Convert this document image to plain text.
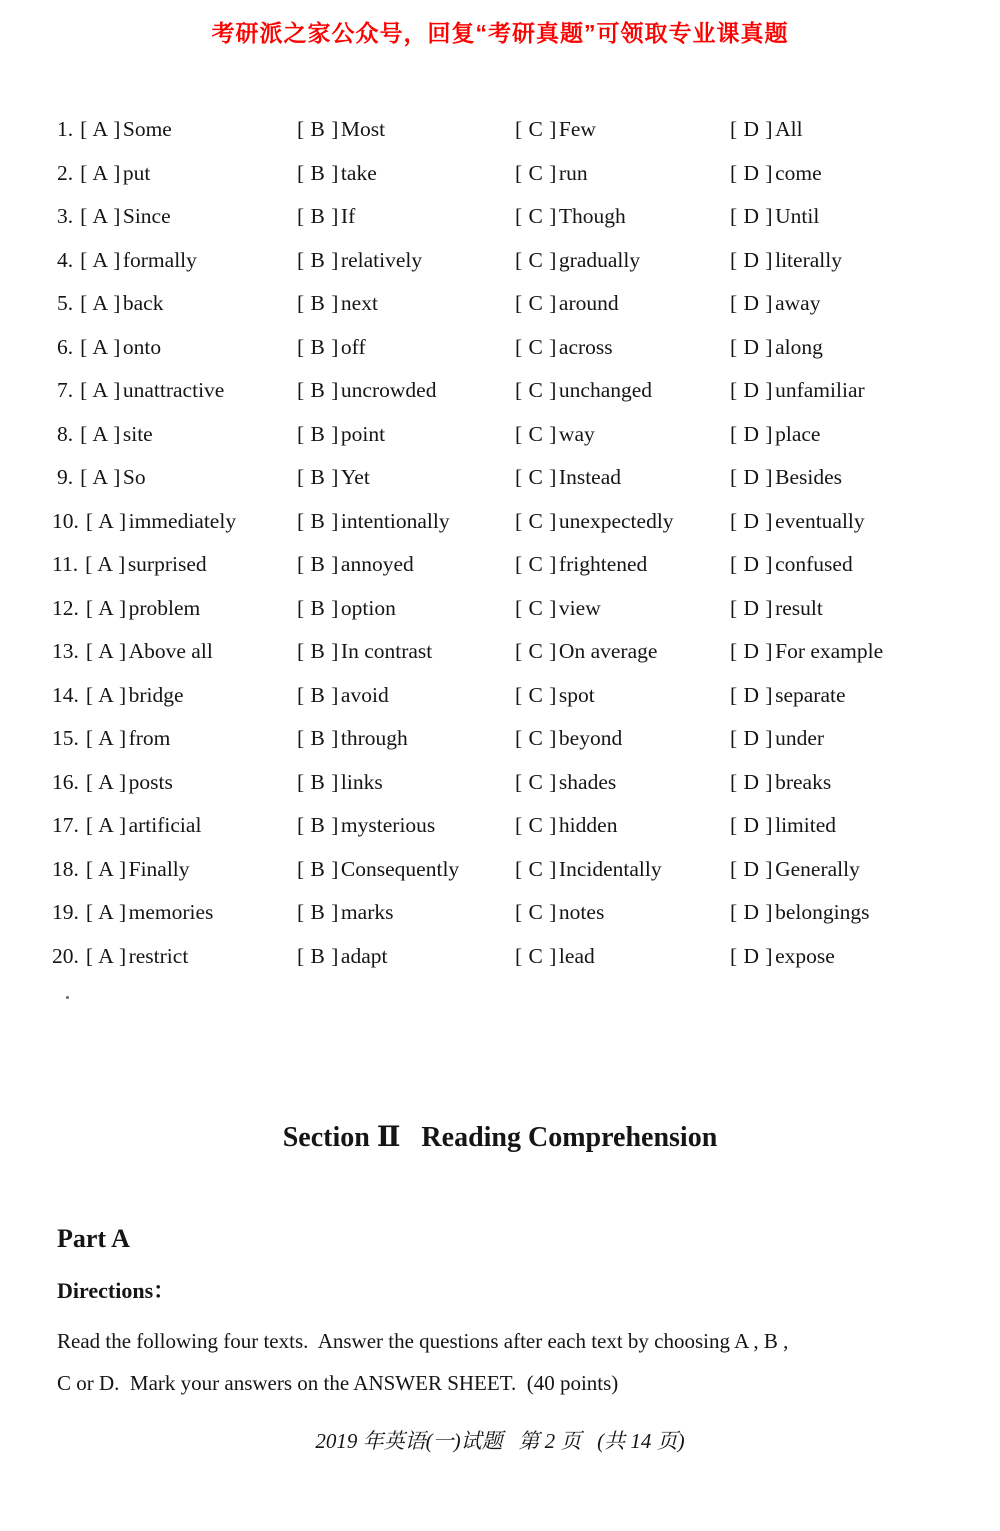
考研派之家公众号，回复“考研真题”可领取专业课真题
1. [ A ]Some	[ B ]Most	[ C ]Few	[ D ]All
2. [ A ]put	[ B ]take	[ C ]run	[ D ]come
3. [ A ]Since	[ B ]If	[ C ]Though	[ D ]Until
4. [ A ]formally	[ B ]relatively	[ C ]gradually	[ D ]literally
5. [ A ]back	[ B ]next	[ C ]around	[ D ]away
6. [ A ]onto	[ B ]off	[ C ]across	[ D ]along
7. [ A ]unattractive	[ B ]uncrowded	[ C ]unchanged	[ D ]unfamiliar
8. [ A ]site	[ B ]point	[ C ]way	[ D ]place
9. [ A ]So	[ B ]Yet	[ C ]Instead	[ D ]Besides
10. [ A ]immediately	[ B ]intentionally	[ C ]unexpectedly	[ D ]eventually
11. [ A ]surprised	[ B ]annoyed	[ C ]frightened	[ D ]confused
12. [ A ]problem	[ B ]option	[ C ]view	[ D ]result
13. [ A ]Above all	[ B ]In contrast	[ C ]On average	[ D ]For example
14. [ A ]bridge	[ B ]avoid	[ C ]spot	[ D ]separate
15. [ A ]from	[ B ]through	[ C ]beyond	[ D ]under
16. [ A ]posts	[ B ]links	[ C ]shades	[ D ]breaks
17. [ A ]artificial	[ B ]mysterious	[ C ]hidden	[ D ]limited
18. [ A ]Finally	[ B ]Consequently	[ C ]Incidentally	[ D ]Generally
19. [ A ]memories	[ B ]marks	[ C ]notes	[ D ]belongings
20. [ A ]restrict	[ B ]adapt	[ C ]lead	[ D ]expose
Section Ⅱ   Reading Comprehension
Part A
Directions：

Read the following four texts.  Answer the questions after each text by choosing A , B ,

C or D.  Mark your answers on the ANSWER SHEET.  (40 points)

2019 年英语(一)试题   第 2 页   (共 14 页)
